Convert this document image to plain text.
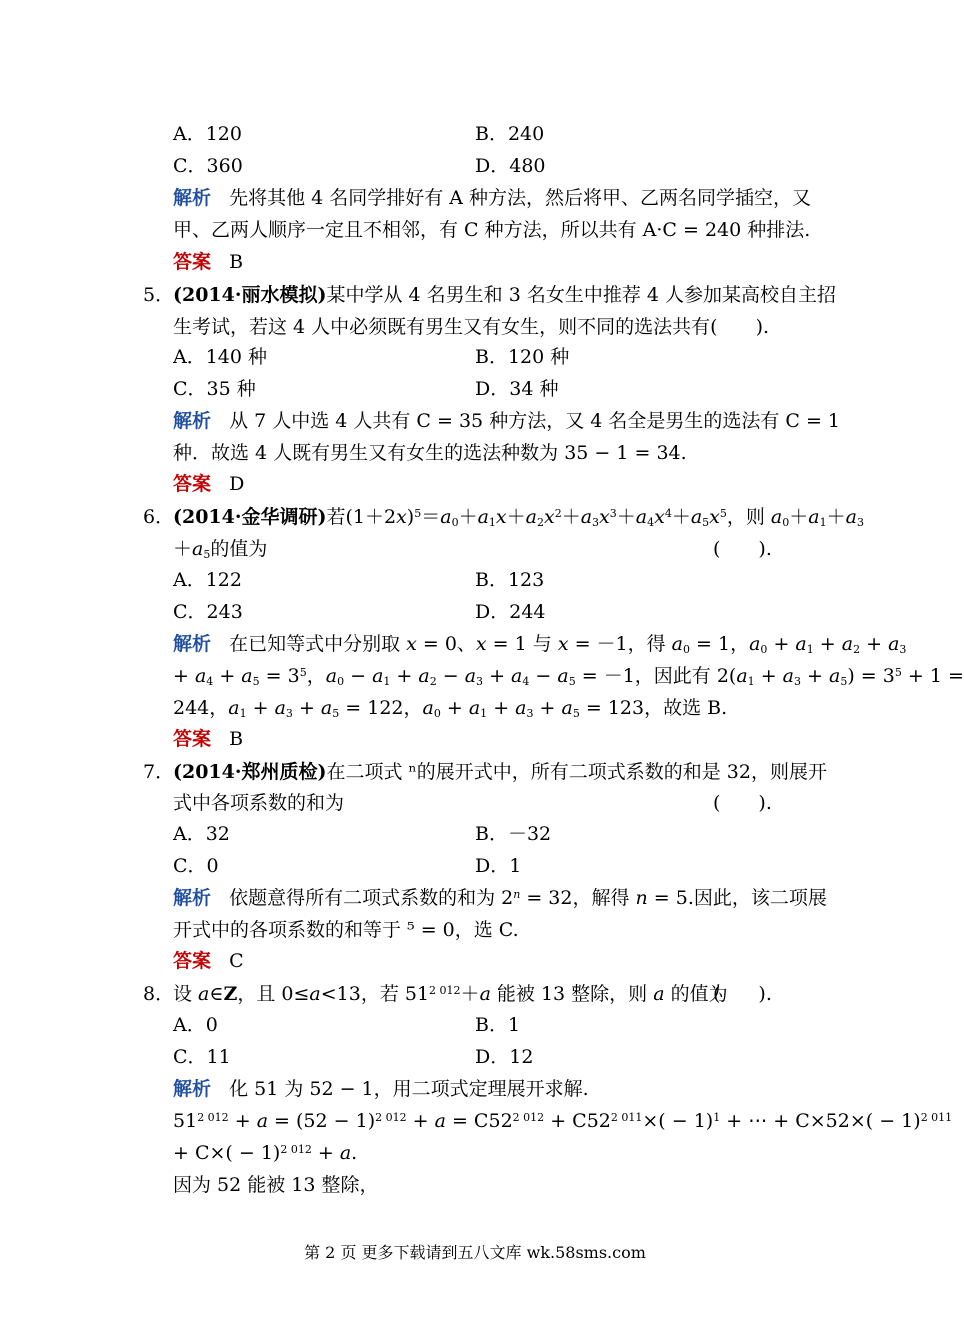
A．120	B．240
C．360	D．480
解析 先将其他 4 名同学排好有 A 种方法，然后将甲、乙两名同学插空，又
甲、乙两人顺序一定且不相邻，有 C 种方法，所以共有 A·C = 240 种排法.
答案 B
5．
(2014·丽水模拟)某中学从 4 名男生和 3 名女生中推荐 4 人参加某高校自主招
生考试，若这 4 人中必须既有男生又有女生，则不同的选法共有(　　).
A．140 种	B．120 种
C．35 种	D．34 种
解析 从 7 人中选 4 人共有 C = 35 种方法，又 4 名全是男生的选法有 C = 1
种．故选 4 人既有男生又有女生的选法种数为 35 − 1 = 34.
答案 D
6．
(2014·金华调研)若$(1+2x)^5=a_0+a_1x+a_2x^2+a_3x^3+a_4x^4+a_5x^5$，则 $a_0+a_1+a_3$
$+a_5$的值为	(　　).
A．122	B．123
C．243	D．244
解析 在已知等式中分别取 x = 0、x = 1 与 x = －1，得 $a_0 = 1$，$a_0 + a_1 + a_2 + a_3$
+ $a_4 + a_5 = 3^5$，$a_0 - a_1 + a_2 - a_3 + a_4 - a_5 = -1$，因此有 $2(a_1 + a_3 + a_5) = 3^5 + 1$ =
244，$a_1 + a_3 + a_5 = 122$，$a_0 + a_1 + a_3 + a_5 = 123$，故选 B.
答案 B
7．
(2014·郑州质检)在二项式 ⁿ的展开式中，所有二项式系数的和是 32，则展开
式中各项系数的和为	(　　).
A．32	B．－32
C．0	D．1
解析 依题意得所有二项式系数的和为 $2^n = 32$，解得 n = 5.因此，该二项展
开式中的各项系数的和等于 ⁵ = 0，选 C.
答案 C
8．
设 a∈Z，且 0≤a<13，若 $51^{2 012}+a$ 能被 13 整除，则 a 的值为
(　　).
A．0	B．1
C．11	D．12
解析 化 51 为 52 − 1，用二项式定理展开求解.
$51^{2 012} + a = (52 - 1)^{2 012} + a = C52^{2 012} + C52^{2 011}\times( - 1)^1$ + ⋯ + $C\times 52\times( - 1)^{2 011}$
+ $C\times( - 1)^{2 012} + a$.
因为 52 能被 13 整除，
第 2 页 更多下载请到五八文库 wk.58sms.com
